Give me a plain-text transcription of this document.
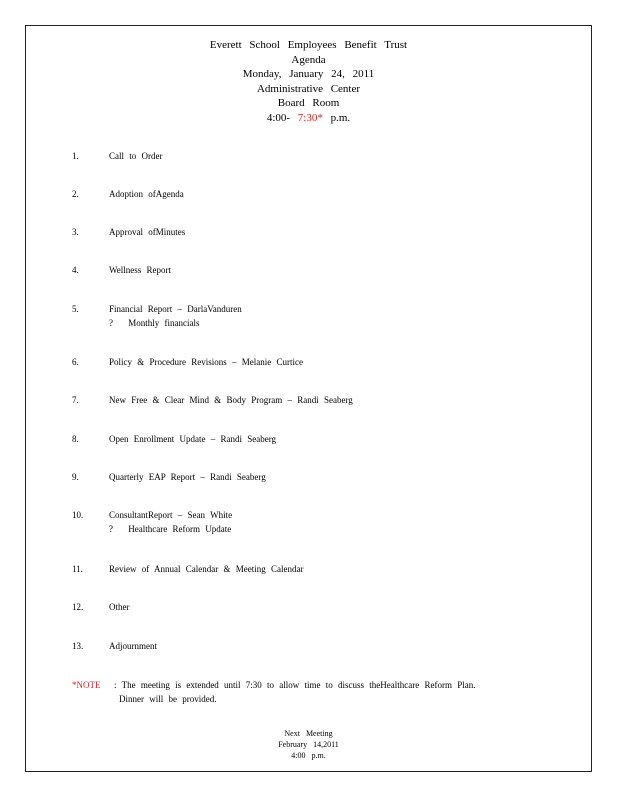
Everett School Employees Benefit Trust
Agenda
Monday, January 24, 2011
Administrative Center
Board Room
4:00- 7:30* p.m.
1.	Call to Order
2.	Adoption ofAgenda
3.	Approval ofMinutes
4.	Wellness Report
5.	Financial Report – DarlaVanduren
? Monthly financials
6.	Policy & Procedure Revisions – Melanie Curtice
7.	New Free & Clear Mind & Body Program – Randi Seaberg
8.	Open Enrollment Update – Randi Seaberg
9.	Quarterly EAP Report – Randi Seaberg
10.	ConsultantReport – Sean White
? Healthcare Reform Update
11.	Review of Annual Calendar & Meeting Calendar
12.	Other
13.	Adjournment
*NOTE : The meeting is extended until 7:30 to allow time to discuss theHealthcare Reform Plan.
Dinner will be provided.
Next Meeting
February 14,2011
4:00 p.m.
